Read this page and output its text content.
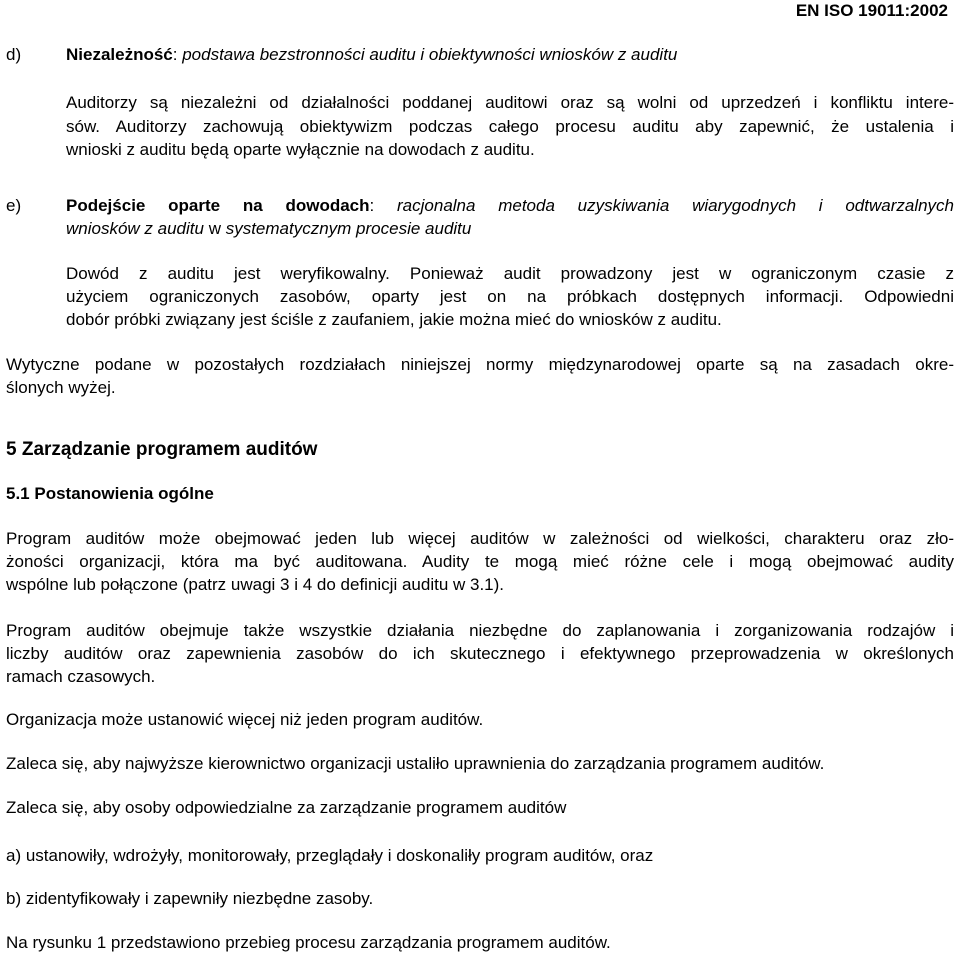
EN ISO 19011:2002
d)	Niezależność: podstawa bezstronności auditu i obiektywności wniosków z auditu
Auditorzy są niezależni od działalności poddanej auditowi oraz są wolni od uprzedzeń i konfliktu intere-
sów. Auditorzy zachowują obiektywizm podczas całego procesu auditu aby zapewnić, że ustalenia i
wnioski z auditu będą oparte wyłącznie na dowodach z auditu.
e)	Podejście oparte na dowodach: racjonalna metoda uzyskiwania wiarygodnych i odtwarzalnych
wniosków z auditu w systematycznym procesie auditu
Dowód z auditu jest weryfikowalny. Ponieważ audit prowadzony jest w ograniczonym czasie z
użyciem ograniczonych zasobów, oparty jest on na próbkach dostępnych informacji. Odpowiedni
dobór próbki związany jest ściśle z zaufaniem, jakie można mieć do wniosków z auditu.
Wytyczne podane w pozostałych rozdziałach niniejszej normy międzynarodowej oparte są na zasadach okre-
ślonych wyżej.
5 Zarządzanie programem auditów
5.1 Postanowienia ogólne
Program auditów może obejmować jeden lub więcej auditów w zależności od wielkości, charakteru oraz zło-
żoności organizacji, która ma być auditowana. Audity te mogą mieć różne cele i mogą obejmować audity
wspólne lub połączone (patrz uwagi 3 i 4 do definicji auditu w 3.1).
Program auditów obejmuje także wszystkie działania niezbędne do zaplanowania i zorganizowania rodzajów i
liczby auditów oraz zapewnienia zasobów do ich skutecznego i efektywnego przeprowadzenia w określonych
ramach czasowych.
Organizacja może ustanowić więcej niż jeden program auditów.
Zaleca się, aby najwyższe kierownictwo organizacji ustaliło uprawnienia do zarządzania programem auditów.
Zaleca się, aby osoby odpowiedzialne za zarządzanie programem auditów
a) ustanowiły, wdrożyły, monitorowały, przeglądały i doskonaliły program auditów, oraz
b) zidentyfikowały i zapewniły niezbędne zasoby.
Na rysunku 1 przedstawiono przebieg procesu zarządzania programem auditów.
